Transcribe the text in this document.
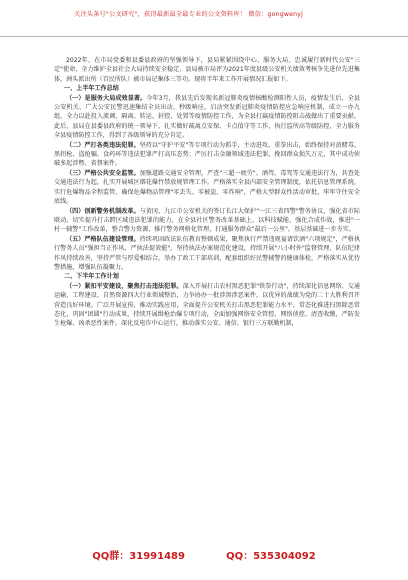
关注头条号"公文研究"，获得最新最全最专业的公文资料库！ 微信：gongwenyj

2022年，在市局党委和县委县政府的坚强领导下，县局紧紧围绕中心、服务大局，忠诚履行新时代公安"三定"使命，全力维护全县社会大局持续安全稳定，县局被市局评为2021年度县级公安机关绩效考核争先进位先进集体，洲头派出所（百民所队）被市局记集体三等功。现将半年来工作开展情况汇报如下。

一、上半年工作总结

（一）是服务大局成效显著。今年3月，我县先后发现名新冠肺炎疫情核酸检测阳性人员，疫情发生后，全县公安机关、广大公安民警迅速集结全员出动、秒级响应，启动突发新冠肺炎疫情防控应急响应机制，成立一办九组，全力以赴投入流调、隔离、转运、封控、处置等疫情防控工作，为全县打赢疫情防控阻击战做出了重要贡献。此后，县局在县委县政府的统一领导下，扎实做好疏离点安保、卡点值守等工作，执行监所高等级防控，全力服务全县疫情防控工作，得到了各级领导的充分肯定。

（二）严打各类违法犯罪。坚持以"守护平安"等专项行动为抓手，主动进攻、重拳出击，始终保持对黄赌毒、黑拐枪、盗抢骗、食药环等违法犯罪严打高压态势；严厉打击金融领域违法犯罪，挽回群众损失万元，其中成功侦破多起涉暨、省督案件。

（三）严格公共安全监管。加强道路交通安全管理，严查"三超一疲劳"、酒驾、毒驾等交通违法行为，共查处交通违法行为起，扎实开展城区烟花爆竹禁放规管理工作。严格落实全县内部安全管理制度，依托信息管理系统，实行危爆物品全程监管，确保危爆物品管理"零丢失、零被盗、零炸响"，严格大型群众性活动审批，牢牢守住安全底线。

（四）创新警务机制改革。与黄冈、九江市公安机关的签订长江大保护"一江三省四警"警务协议，强化省市际联动、切实提升打击跨区域违法犯罪的能力，在全县社区警务改革基础上，以科技赋能、强化合成作战，推进"一村一辅警"工作改革，整合警力资源，推行警务网格化管理，打通服务群众"最后一公里"，基层基础进一步夯实。

（五）严格队伍建设管理。持续巩固政法队伍教育整顿成果，聚焦执行严禁违规宴请饮酒"六项规定"，严格执行警务人员"强担当正作风、严执法提效能"，坚持执法办案规范化建设，持续开展"八小时外"监督管理，队伍纪律作风持续改善，坚持严管与厚爱相结合，举办了政工干部培训，配套组织好民警辅警的健康体检，严格落实从优待警措施，增强队伍凝聚力。

二、下半年工作计划

（一）紧扣平安建设，聚焦打击违法犯罪。深入开展打击农村黑恶犯罪"铁拳行动"，持续深化信息网络、交通运输、工程建设、自然资源四大行业领域整治，力争协办一批涉黑涉恶案件，以优异的战绩为党的二十大胜利召开营造良好环境。广泛开展宣传，推动实践应用，全面提升公安机关打击黑恶犯罪能力水平。常态化推进扫黑除恶常态化，巩固"团圆"行动成果，持续开展缉枪治爆专项行动，全面加强网络安全管控、网络侦控、清查收缴，严防发生枪爆、凶杀恶性案件。深化反电诈中心运行，推动落实公安、通信、银行三方联勤机制，

QQ群：31991489	QQ：535304092
